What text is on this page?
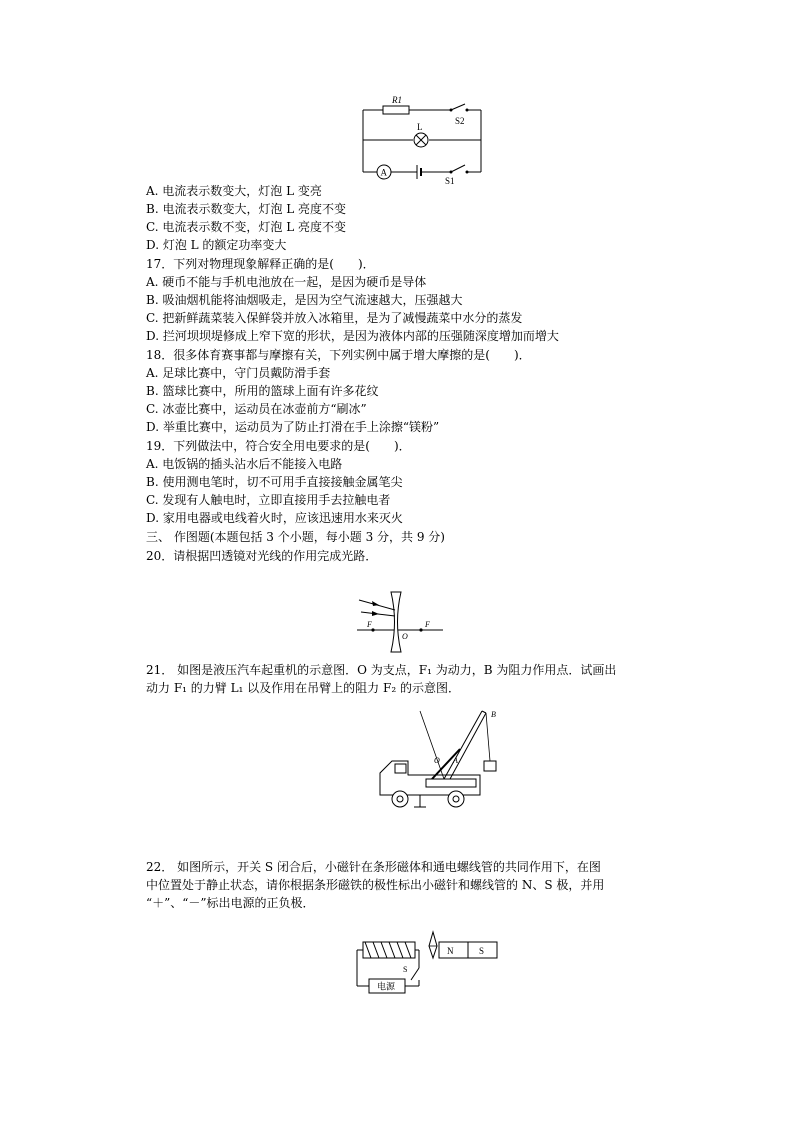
R1
S2
L
A
S1
A. 电流表示数变大，灯泡 L 变亮
B. 电流表示数变大，灯泡 L 亮度不变
C. 电流表示数不变，灯泡 L 亮度不变
D. 灯泡 L 的额定功率变大
17．下列对物理现象解释正确的是(　　)．
A. 硬币不能与手机电池放在一起，是因为硬币是导体
B. 吸油烟机能将油烟吸走，是因为空气流速越大，压强越大
C. 把新鲜蔬菜装入保鲜袋并放入冰箱里，是为了减慢蔬菜中水分的蒸发
D. 拦河坝坝堤修成上窄下宽的形状，是因为液体内部的压强随深度增加而增大
18．很多体育赛事都与摩擦有关，下列实例中属于增大摩擦的是(　　)．
A. 足球比赛中，守门员戴防滑手套
B. 篮球比赛中，所用的篮球上面有许多花纹
C. 冰壶比赛中，运动员在冰壶前方“刷冰”
D. 举重比赛中，运动员为了防止打滑在手上涂擦“镁粉”
19．下列做法中，符合安全用电要求的是(　　)．
A. 电饭锅的插头沾水后不能接入电路
B. 使用测电笔时，切不可用手直接接触金属笔尖
C. 发现有人触电时，立即直接用手去拉触电者
D. 家用电器或电线着火时，应该迅速用水来灭火
三、 作图题(本题包括 3 个小题，每小题 3 分，共 9 分)
20．请根据凹透镜对光线的作用完成光路．
F
O
F
21． 如图是液压汽车起重机的示意图．O 为支点，F₁ 为动力，B 为阻力作用点．试画出
动力 F₁ 的力臂 L₁ 以及作用在吊臂上的阻力 F₂ 的示意图．
B
O A
22． 如图所示，开关 S 闭合后，小磁针在条形磁体和通电螺线管的共同作用下，在图
中位置处于静止状态，请你根据条形磁铁的极性标出小磁针和螺线管的 N、S 极，并用
“＋”、“－”标出电源的正负极．
S
电源
N	S
